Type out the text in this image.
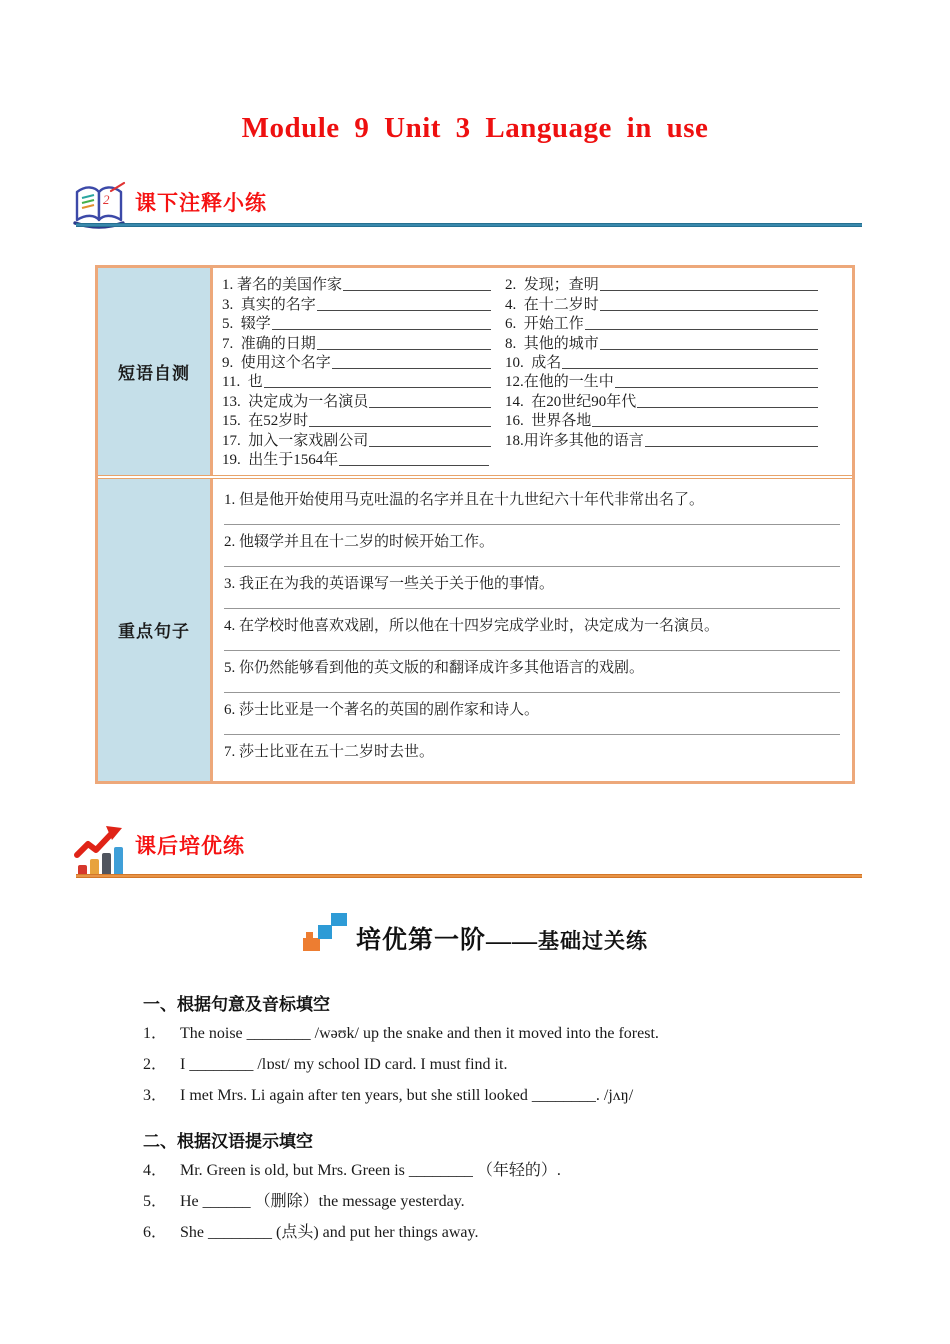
Module 9 Unit 3 Language in use
2 课下注释小练
短语自测
1. 著名的美国作家	2.  发现；查明
3.  真实的名字	4.  在十二岁时
5.  辍学	6.  开始工作
7.  准确的日期	8.  其他的城市
9.  使用这个名字	10.  成名
11.  也	12.在他的一生中
13.  决定成为一名演员	14.  在20世纪90年代
15.  在52岁时	16.  世界各地
17.  加入一家戏剧公司	18.用许多其他的语言
19.  出生于1564年
重点句子
1. 但是他开始使用马克吐温的名字并且在十九世纪六十年代非常出名了。
2. 他辍学并且在十二岁的时候开始工作。
3. 我正在为我的英语课写一些关于关于他的事情。
4. 在学校时他喜欢戏剧，所以他在十四岁完成学业时，决定成为一名演员。
5. 你仍然能够看到他的英文版的和翻译成许多其他语言的戏剧。
6. 莎士比亚是一个著名的英国的剧作家和诗人。
7. 莎士比亚在五十二岁时去世。
课后培优练
培优第一阶 —— 基础过关练
一、根据句意及音标填空
1． The noise ________ /wəʊk/ up the snake and then it moved into the forest.
2． I ________ /lɒst/ my school ID card. I must find it.
3． I met Mrs. Li again after ten years, but she still looked ________. /jʌŋ/
二、根据汉语提示填空
4． Mr. Green is old, but Mrs. Green is ________ （年轻的）.
5． He ______ （删除）the message yesterday.
6． She ________ (点头) and put her things away.
